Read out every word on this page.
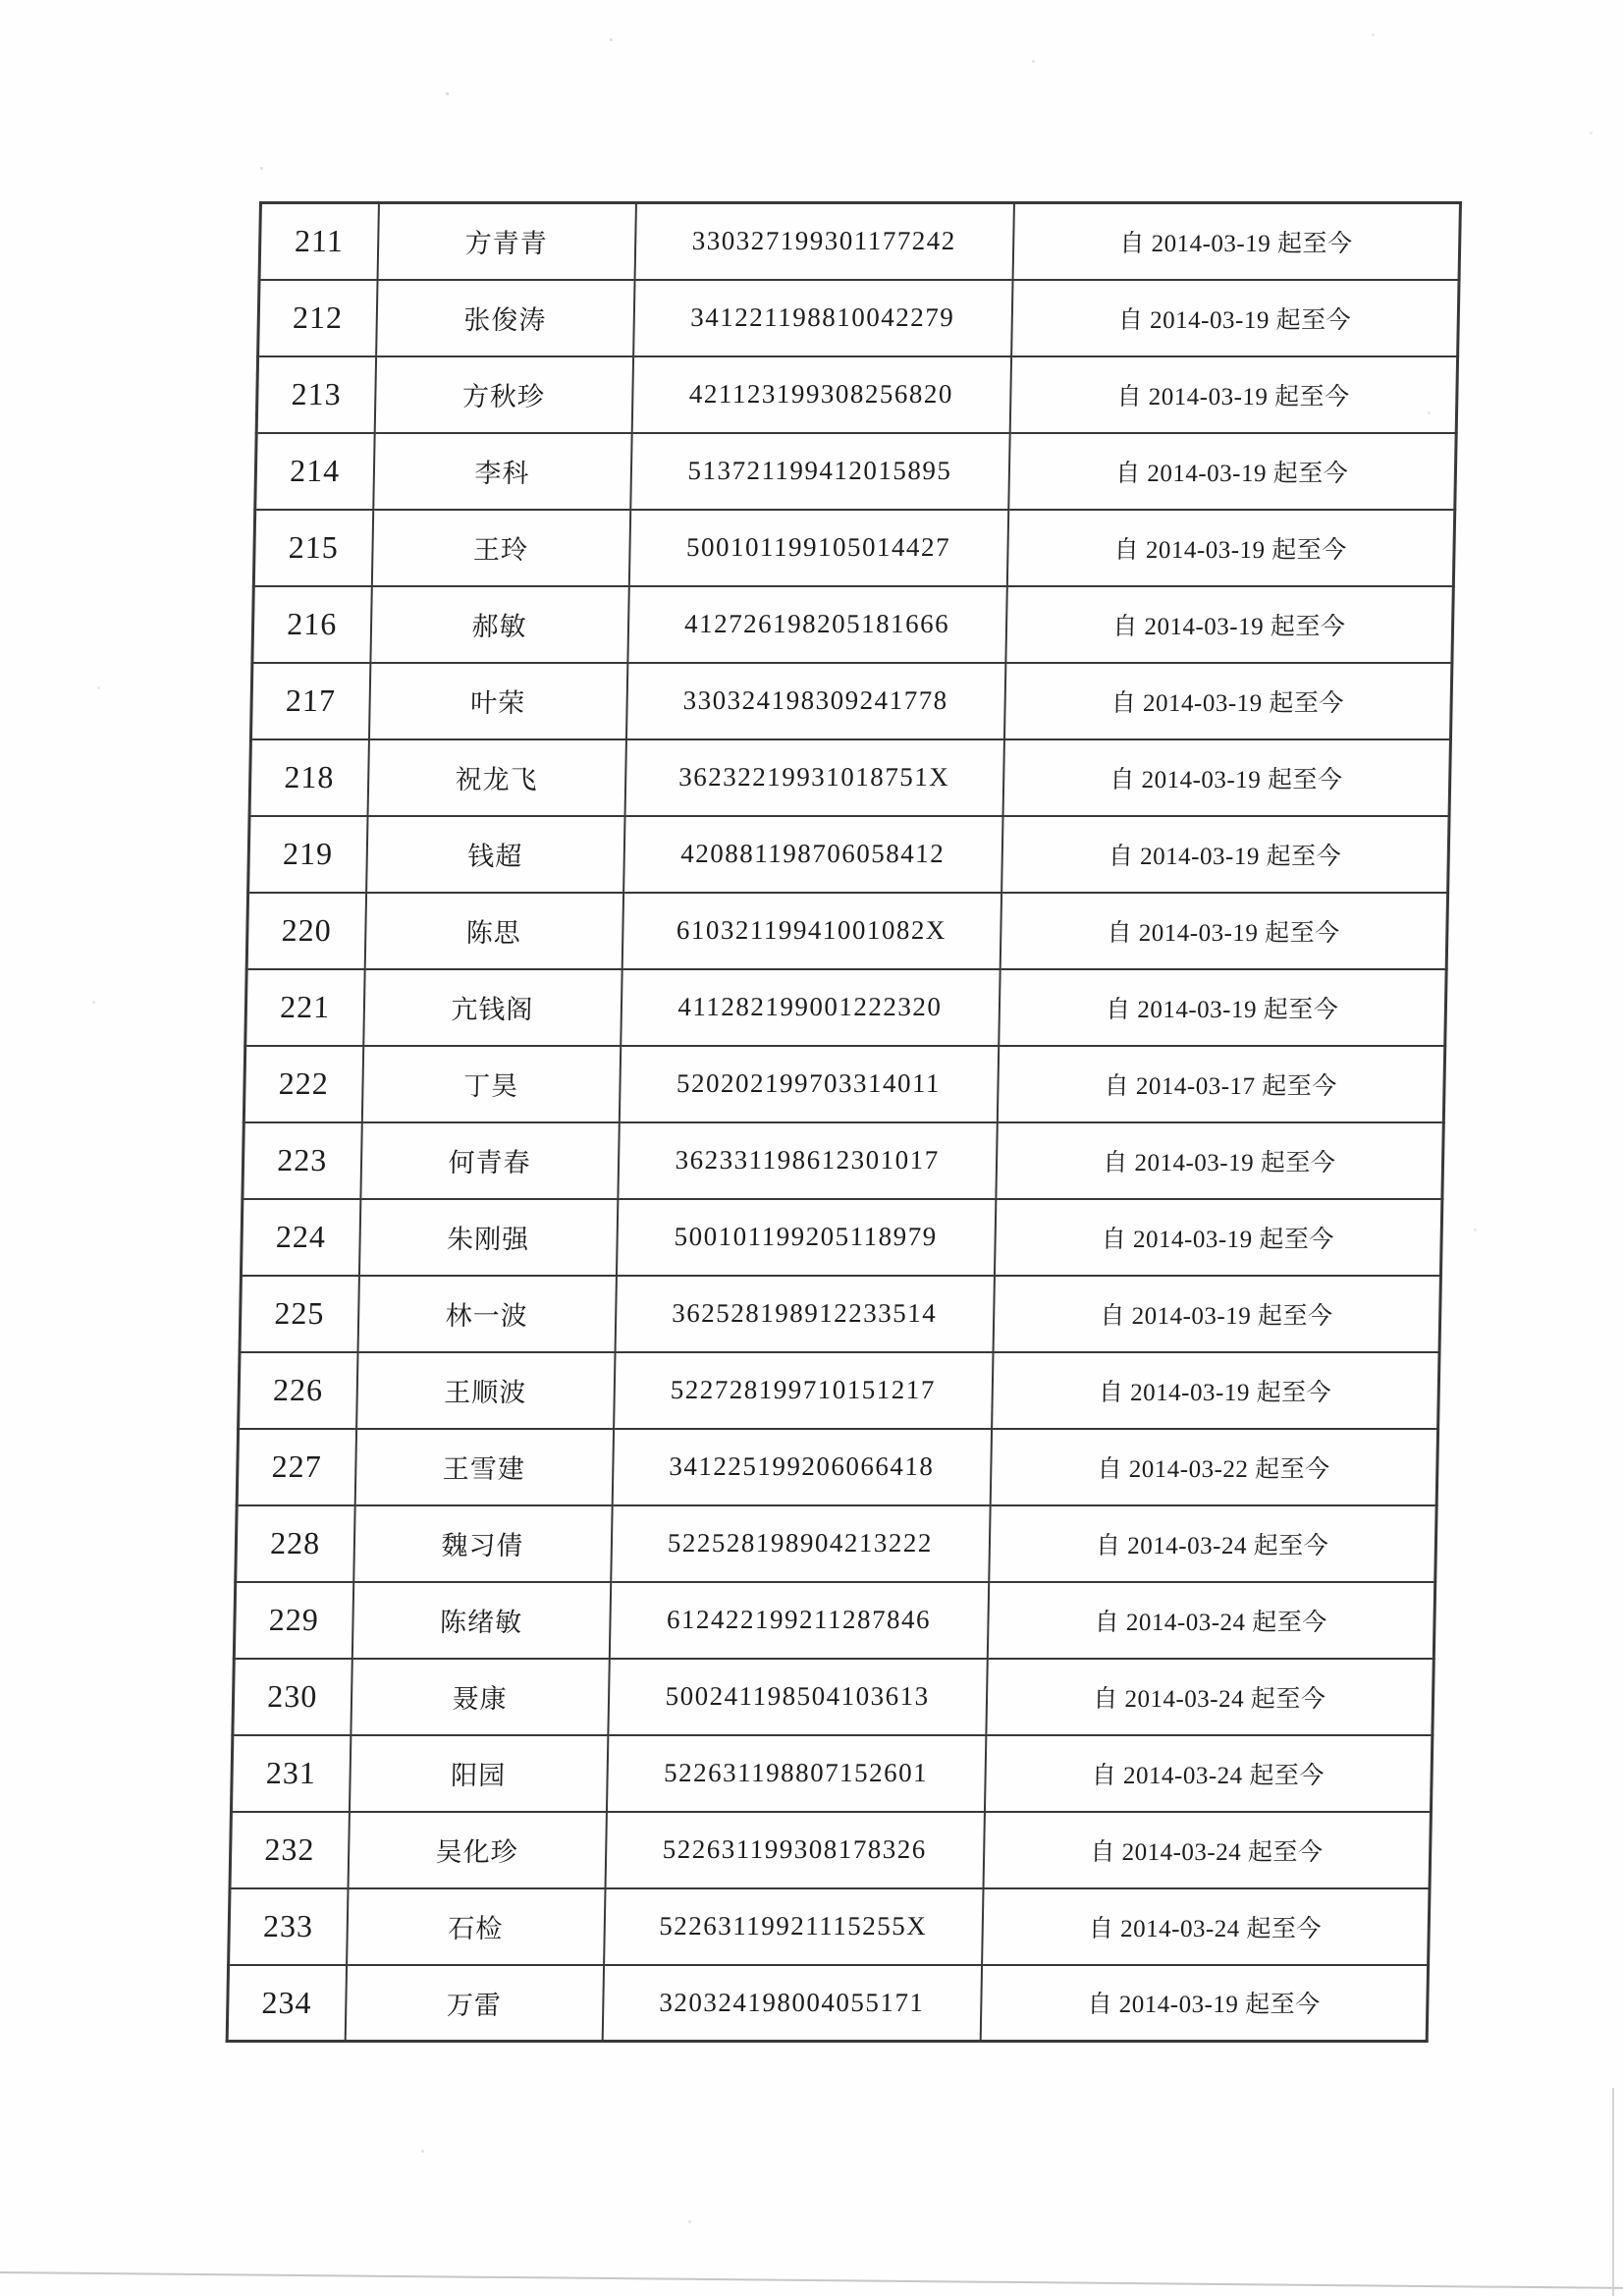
211	方青青	330327199301177242	自 2014-03-19 起至今
212	张俊涛	341221198810042279	自 2014-03-19 起至今
213	方秋珍	421123199308256820	自 2014-03-19 起至今
214	李科	513721199412015895	自 2014-03-19 起至今
215	王玲	500101199105014427	自 2014-03-19 起至今
216	郝敏	412726198205181666	自 2014-03-19 起至今
217	叶荣	330324198309241778	自 2014-03-19 起至今
218	祝龙飞	36232219931018751X	自 2014-03-19 起至今
219	钱超	420881198706058412	自 2014-03-19 起至今
220	陈思	61032119941001082X	自 2014-03-19 起至今
221	亢钱阁	411282199001222320	自 2014-03-19 起至今
222	丁昊	520202199703314011	自 2014-03-17 起至今
223	何青春	362331198612301017	自 2014-03-19 起至今
224	朱刚强	500101199205118979	自 2014-03-19 起至今
225	林一波	362528198912233514	自 2014-03-19 起至今
226	王顺波	522728199710151217	自 2014-03-19 起至今
227	王雪建	341225199206066418	自 2014-03-22 起至今
228	魏习倩	522528198904213222	自 2014-03-24 起至今
229	陈绪敏	612422199211287846	自 2014-03-24 起至今
230	聂康	500241198504103613	自 2014-03-24 起至今
231	阳园	522631198807152601	自 2014-03-24 起至今
232	吴化珍	522631199308178326	自 2014-03-24 起至今
233	石检	52263119921115255X	自 2014-03-24 起至今
234	万雷	320324198004055171	自 2014-03-19 起至今
